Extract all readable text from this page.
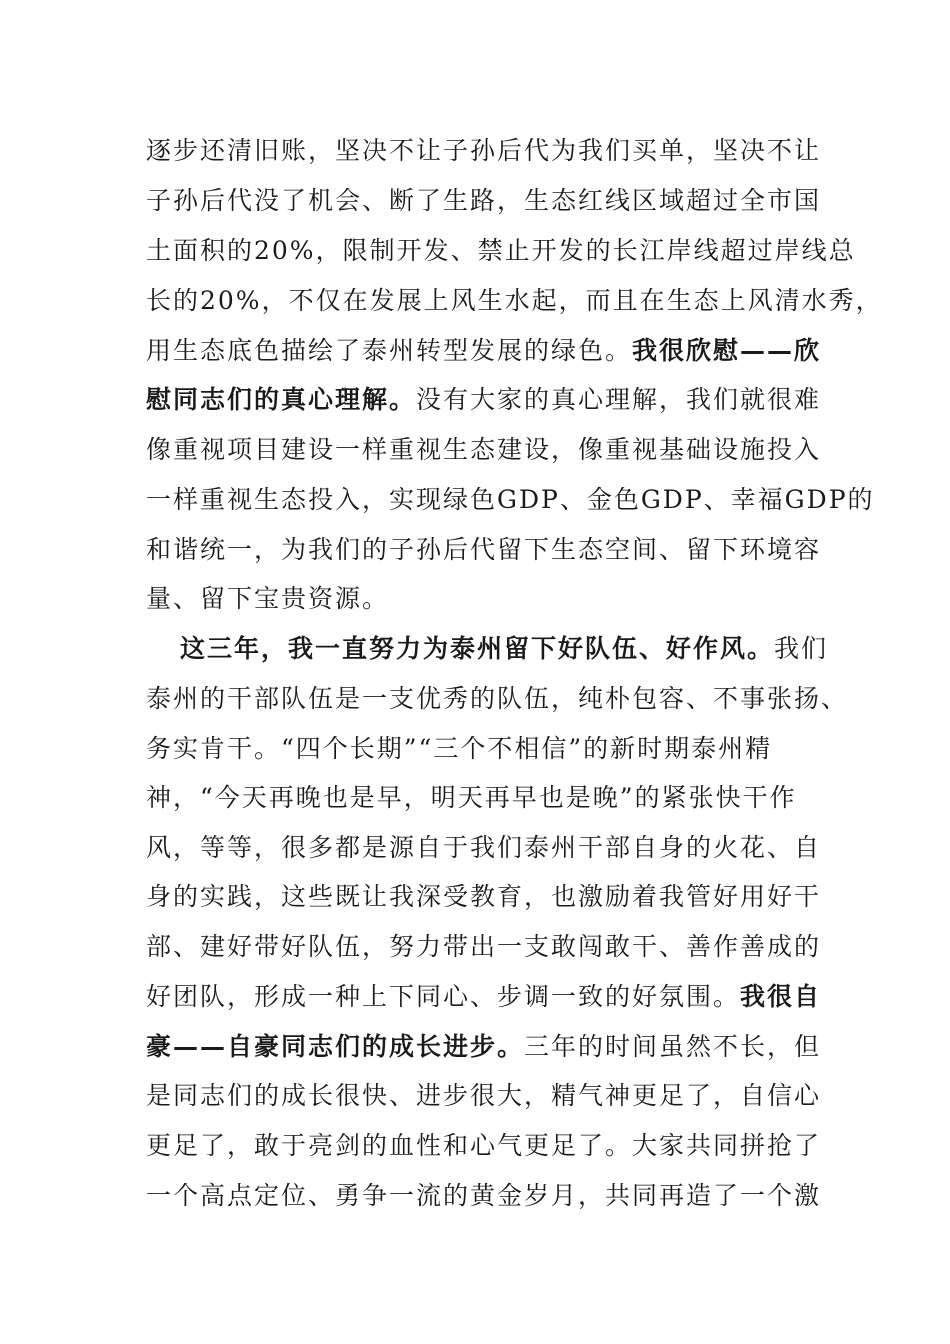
逐步还清旧账，坚决不让子孙后代为我们买单，坚决不让
子孙后代没了机会、断了生路，生态红线区域超过全市国
土面积的20%，限制开发、禁止开发的长江岸线超过岸线总
长的20%，不仅在发展上风生水起，而且在生态上风清水秀，
用生态底色描绘了泰州转型发展的绿色。我很欣慰——欣
慰同志们的真心理解。没有大家的真心理解，我们就很难
像重视项目建设一样重视生态建设，像重视基础设施投入
一样重视生态投入，实现绿色GDP、金色GDP、幸福GDP的
和谐统一，为我们的子孙后代留下生态空间、留下环境容
量、留下宝贵资源。
这三年，我一直努力为泰州留下好队伍、好作风。我们
泰州的干部队伍是一支优秀的队伍，纯朴包容、不事张扬、
务实肯干。“四个长期”“三个不相信”的新时期泰州精
神，“今天再晚也是早，明天再早也是晚”的紧张快干作
风，等等，很多都是源自于我们泰州干部自身的火花、自
身的实践，这些既让我深受教育，也激励着我管好用好干
部、建好带好队伍，努力带出一支敢闯敢干、善作善成的
好团队，形成一种上下同心、步调一致的好氛围。我很自
豪——自豪同志们的成长进步。三年的时间虽然不长，但
是同志们的成长很快、进步很大，精气神更足了，自信心
更足了，敢于亮剑的血性和心气更足了。大家共同拼抢了
一个高点定位、勇争一流的黄金岁月，共同再造了一个激
